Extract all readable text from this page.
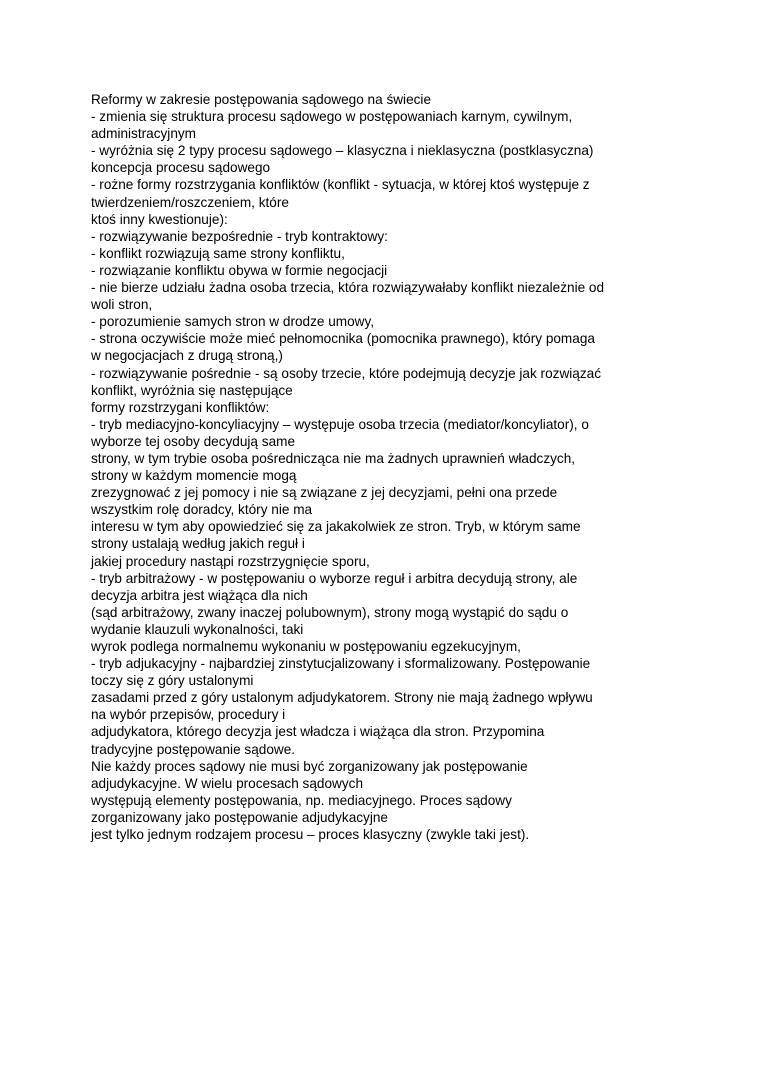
Reformy w zakresie postępowania sądowego na świecie
- zmienia się struktura procesu sądowego w postępowaniach karnym, cywilnym,
administracyjnym
- wyróżnia się 2 typy procesu sądowego – klasyczna i nieklasyczna (postklasyczna)
koncepcja procesu sądowego
- rożne formy rozstrzygania konfliktów (konflikt - sytuacja, w której ktoś występuje z
twierdzeniem/roszczeniem, które
ktoś inny kwestionuje):
- rozwiązywanie bezpośrednie - tryb kontraktowy:
- konflikt rozwiązują same strony konfliktu,
- rozwiązanie konfliktu obywa w formie negocjacji
- nie bierze udziału żadna osoba trzecia, która rozwiązywałaby konflikt niezależnie od
woli stron,
- porozumienie samych stron w drodze umowy,
- strona oczywiście może mieć pełnomocnika (pomocnika prawnego), który pomaga
w negocjacjach z drugą stroną,)
- rozwiązywanie pośrednie - są osoby trzecie, które podejmują decyzje jak rozwiązać
konflikt, wyróżnia się następujące
formy rozstrzygani konfliktów:
- tryb mediacyjno-koncyliacyjny – występuje osoba trzecia (mediator/koncyliator), o
wyborze tej osoby decydują same
strony, w tym trybie osoba pośrednicząca nie ma żadnych uprawnień władczych,
strony w każdym momencie mogą
zrezygnować z jej pomocy i nie są związane z jej decyzjami, pełni ona przede
wszystkim rolę doradcy, który nie ma
interesu w tym aby opowiedzieć się za jakakolwiek ze stron. Tryb, w którym same
strony ustalają według jakich reguł i
jakiej procedury nastąpi rozstrzygnięcie sporu,
- tryb arbitrażowy - w postępowaniu o wyborze reguł i arbitra decydują strony, ale
decyzja arbitra jest wiążąca dla nich
(sąd arbitrażowy, zwany inaczej polubownym), strony mogą wystąpić do sądu o
wydanie klauzuli wykonalności, taki
wyrok podlega normalnemu wykonaniu w postępowaniu egzekucyjnym,
- tryb adjukacyjny - najbardziej zinstytucjalizowany i sformalizowany. Postępowanie
toczy się z góry ustalonymi
zasadami przed z góry ustalonym adjudykatorem. Strony nie mają żadnego wpływu
na wybór przepisów, procedury i
adjudykatora, którego decyzja jest władcza i wiążąca dla stron. Przypomina
tradycyjne postępowanie sądowe.
Nie każdy proces sądowy nie musi być zorganizowany jak postępowanie
adjudykacyjne. W wielu procesach sądowych
występują elementy postępowania, np. mediacyjnego. Proces sądowy
zorganizowany jako postępowanie adjudykacyjne
jest tylko jednym rodzajem procesu – proces klasyczny (zwykle taki jest).
